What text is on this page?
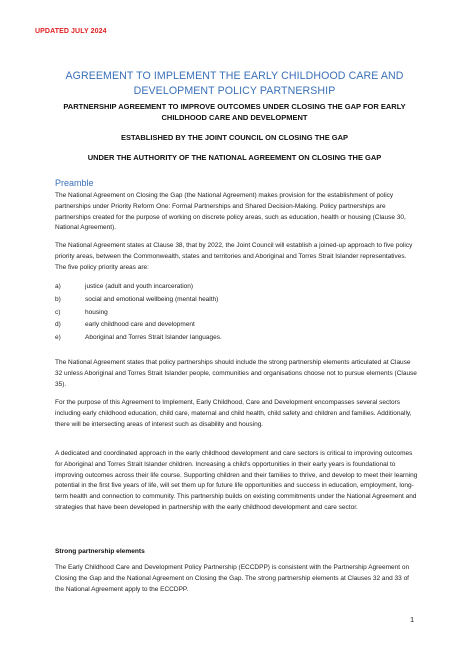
UPDATED JULY 2024
AGREEMENT TO IMPLEMENT THE EARLY CHILDHOOD CARE AND DEVELOPMENT POLICY PARTNERSHIP
PARTNERSHIP AGREEMENT TO IMPROVE OUTCOMES UNDER CLOSING THE GAP FOR EARLY CHILDHOOD CARE AND DEVELOPMENT
ESTABLISHED BY THE JOINT COUNCIL ON CLOSING THE GAP
UNDER THE AUTHORITY OF THE NATIONAL AGREEMENT ON CLOSING THE GAP
Preamble
The National Agreement on Closing the Gap (the National Agreement) makes provision for the establishment of policy partnerships under Priority Reform One: Formal Partnerships and Shared Decision-Making. Policy partnerships are partnerships created for the purpose of working on discrete policy areas, such as education, health or housing (Clause 30, National Agreement).
The National Agreement states at Clause 38, that by 2022, the Joint Council will establish a joined-up approach to five policy priority areas, between the Commonwealth, states and territories and Aboriginal and Torres Strait Islander representatives. The five policy priority areas are:
a)	justice (adult and youth incarceration)
b)	social and emotional wellbeing (mental health)
c)	housing
d)	early childhood care and development
e)	Aboriginal and Torres Strait Islander languages.
The National Agreement states that policy partnerships should include the strong partnership elements articulated at Clause 32 unless Aboriginal and Torres Strait Islander people, communities and organisations choose not to pursue elements (Clause 35).
For the purpose of this Agreement to Implement, Early Childhood, Care and Development encompasses several sectors including early childhood education, child care, maternal and child health, child safety and children and families. Additionally, there will be intersecting areas of interest such as disability and housing.
A dedicated and coordinated approach in the early childhood development and care sectors is critical to improving outcomes for Aboriginal and Torres Strait Islander children. Increasing a child's opportunities in their early years is foundational to improving outcomes across their life course. Supporting children and their families to thrive, and develop to meet their learning potential in the first five years of life, will set them up for future life opportunities and success in education, employment, long-term health and connection to community. This partnership builds on existing commitments under the National Agreement and strategies that have been developed in partnership with the early childhood development and care sector.
Strong partnership elements
The Early Childhood Care and Development Policy Partnership (ECCDPP) is consistent with the Partnership Agreement on Closing the Gap and the National Agreement on Closing the Gap. The strong partnership elements at Clauses 32 and 33 of the National Agreement apply to the ECCDPP.
1
